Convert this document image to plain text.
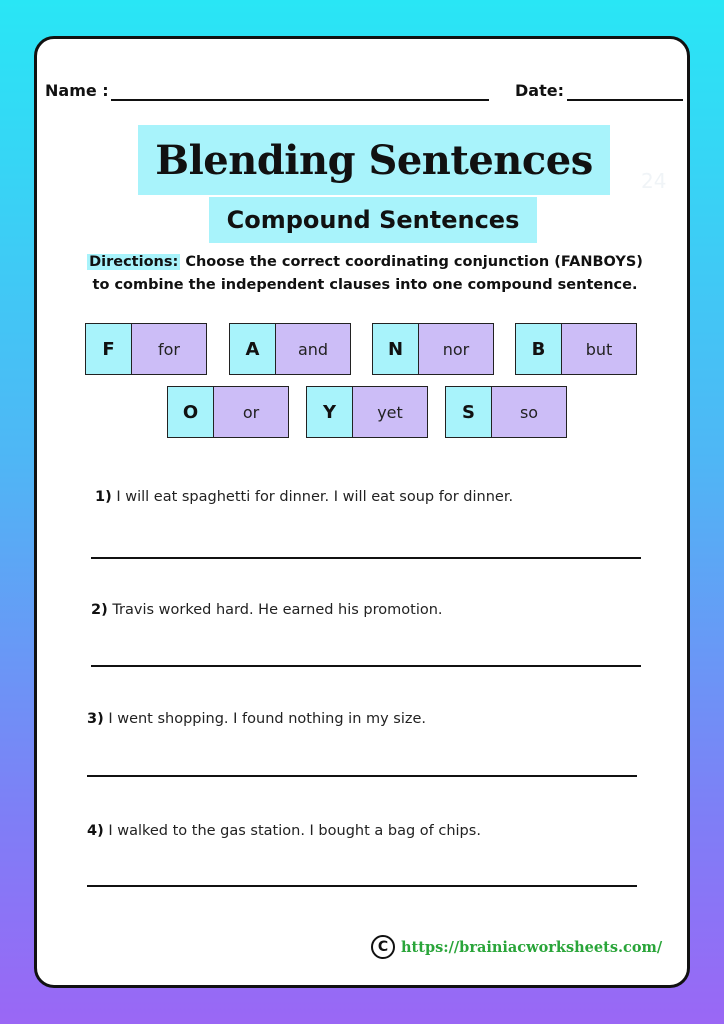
Name :	Date:
Blending Sentences 24
Compound Sentences
Directions: Choose the correct coordinating conjunction (FANBOYS)
to combine the independent clauses into one compound sentence.
F	for	A	and	N	nor	B	but
O	or	Y	yet	S	so
1) I will eat spaghetti for dinner. I will eat soup for dinner.
2) Travis worked hard. He earned his promotion.
3) I went shopping. I found nothing in my size.
4) I walked to the gas station. I bought a bag of chips.
C https://brainiacworksheets.com/
